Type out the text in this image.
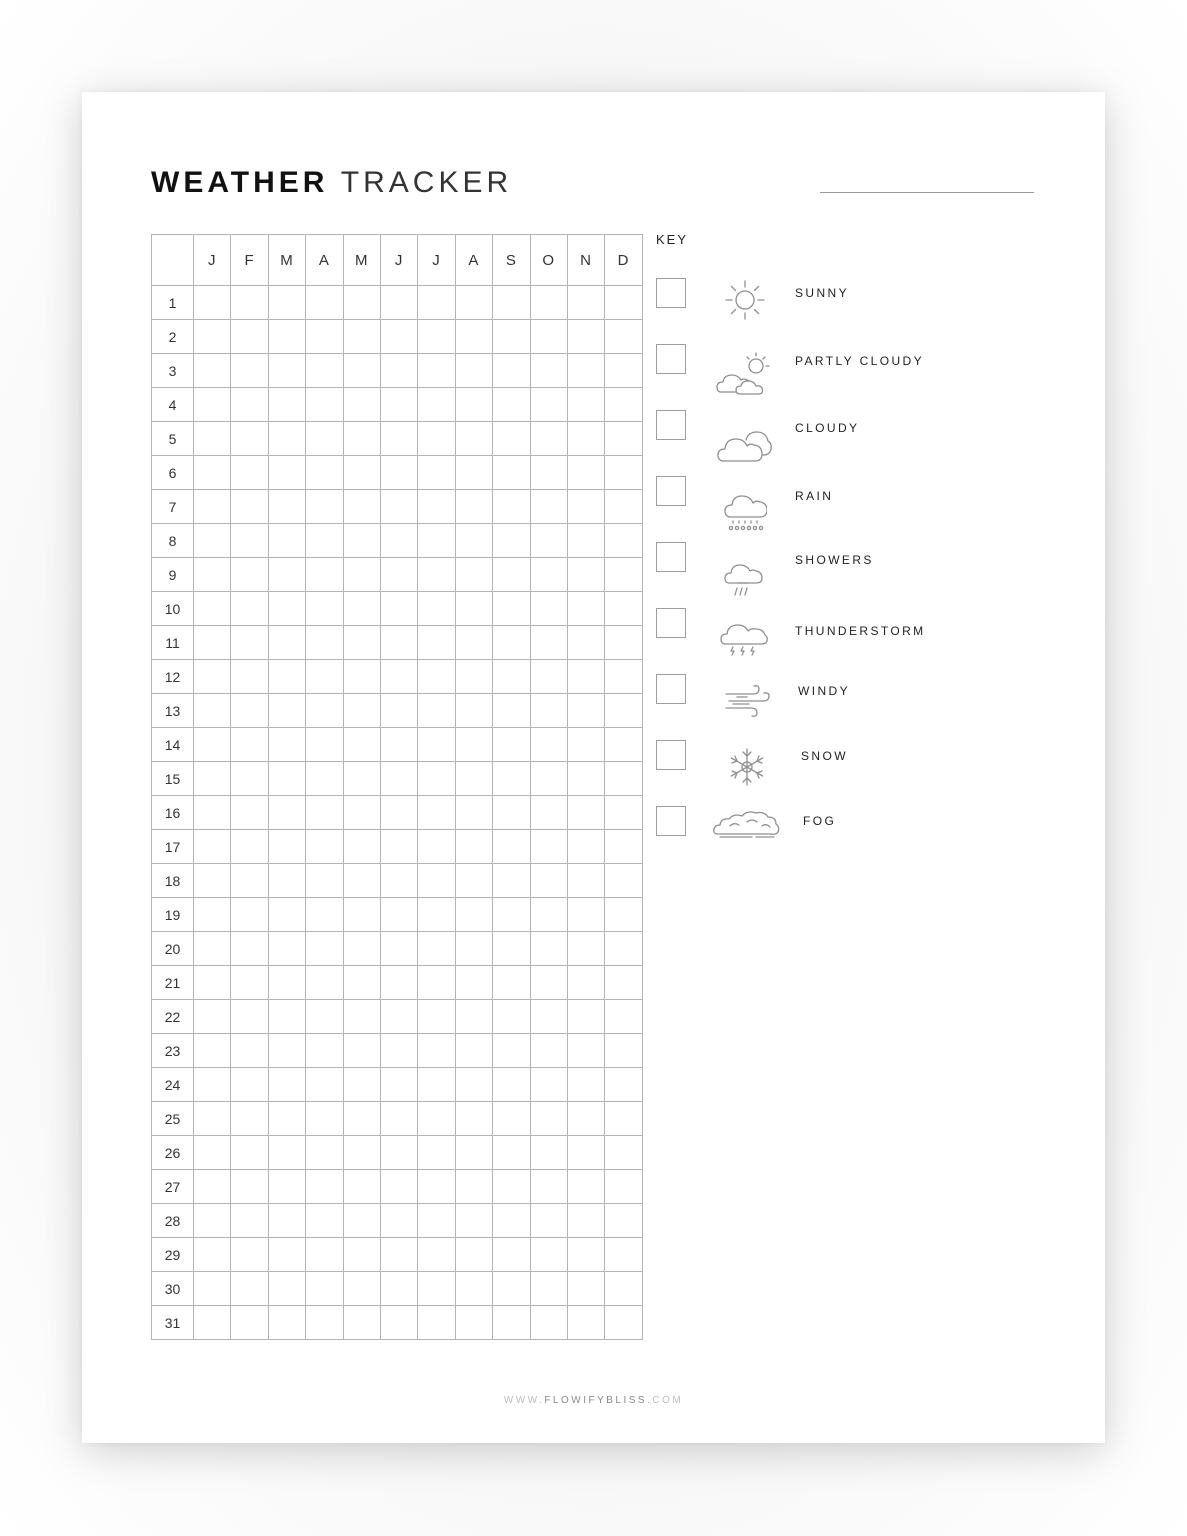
WEATHER TRACKER
	J	F	M	A	M	J	J	A	S	O	N	D
1												
2												
3												
4												
5												
6												
7												
8												
9												
10												
11												
12												
13												
14												
15												
16												
17												
18												
19												
20												
21												
22												
23												
24												
25												
26												
27												
28												
29												
30												
31												
KEY
SUNNY
PARTLY CLOUDY
CLOUDY
RAIN
SHOWERS
THUNDERSTORM
WINDY
SNOW
FOG
WWW.FLOWIFYBLISS.COM
